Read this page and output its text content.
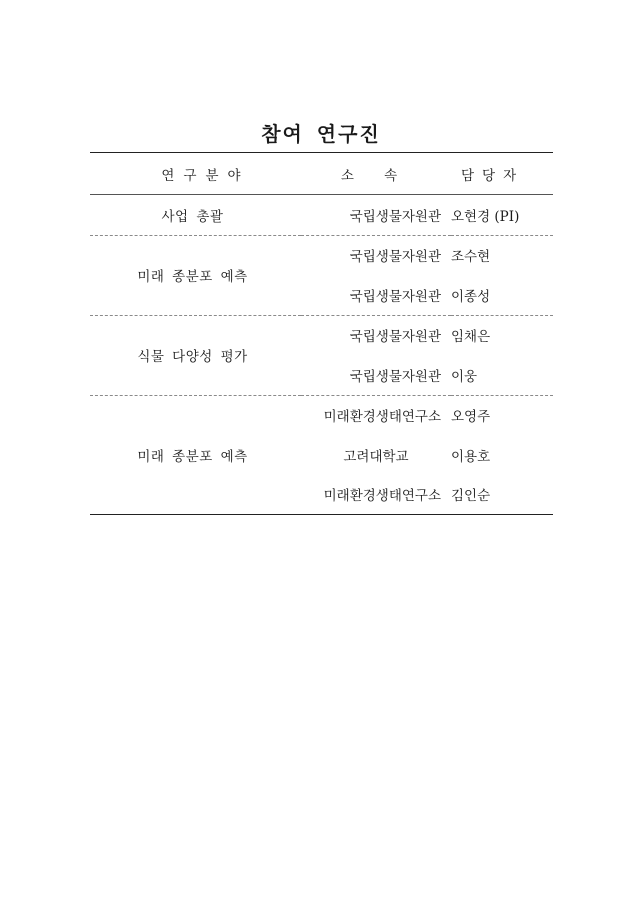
참여 연구진
연구분야	소 속	담당자
사업 총괄	국립생물자원관	오현경 (PI)
미래 종분포 예측	국립생물자원관	조수현
	국립생물자원관	이종성
식물 다양성 평가	국립생물자원관	임채은
	국립생물자원관	이웅
미래 종분포 예측	미래환경생태연구소	오영주
	고려대학교	이용호
	미래환경생태연구소	김인순
